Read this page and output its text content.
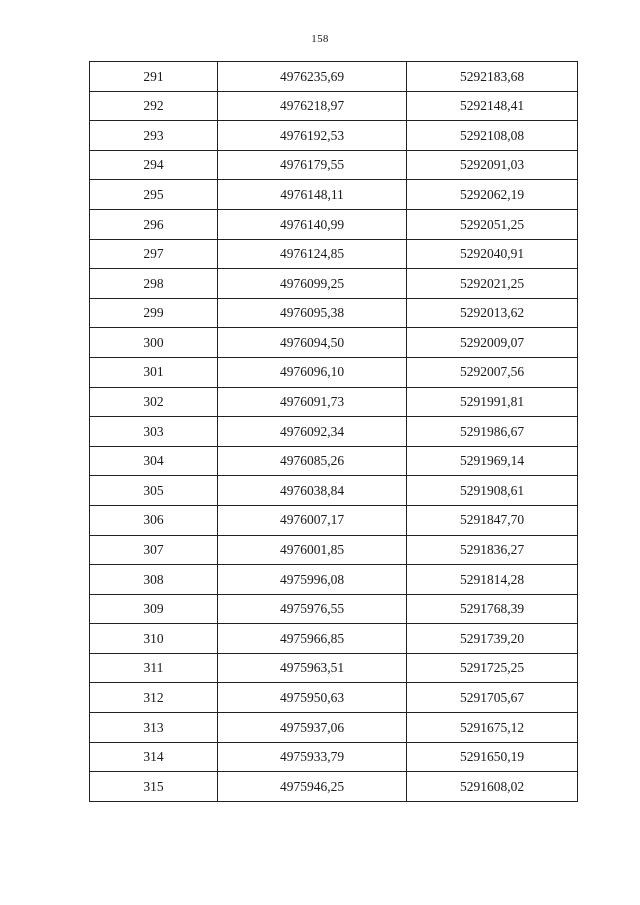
158
291	4976235,69	5292183,68
292	4976218,97	5292148,41
293	4976192,53	5292108,08
294	4976179,55	5292091,03
295	4976148,11	5292062,19
296	4976140,99	5292051,25
297	4976124,85	5292040,91
298	4976099,25	5292021,25
299	4976095,38	5292013,62
300	4976094,50	5292009,07
301	4976096,10	5292007,56
302	4976091,73	5291991,81
303	4976092,34	5291986,67
304	4976085,26	5291969,14
305	4976038,84	5291908,61
306	4976007,17	5291847,70
307	4976001,85	5291836,27
308	4975996,08	5291814,28
309	4975976,55	5291768,39
310	4975966,85	5291739,20
311	4975963,51	5291725,25
312	4975950,63	5291705,67
313	4975937,06	5291675,12
314	4975933,79	5291650,19
315	4975946,25	5291608,02
